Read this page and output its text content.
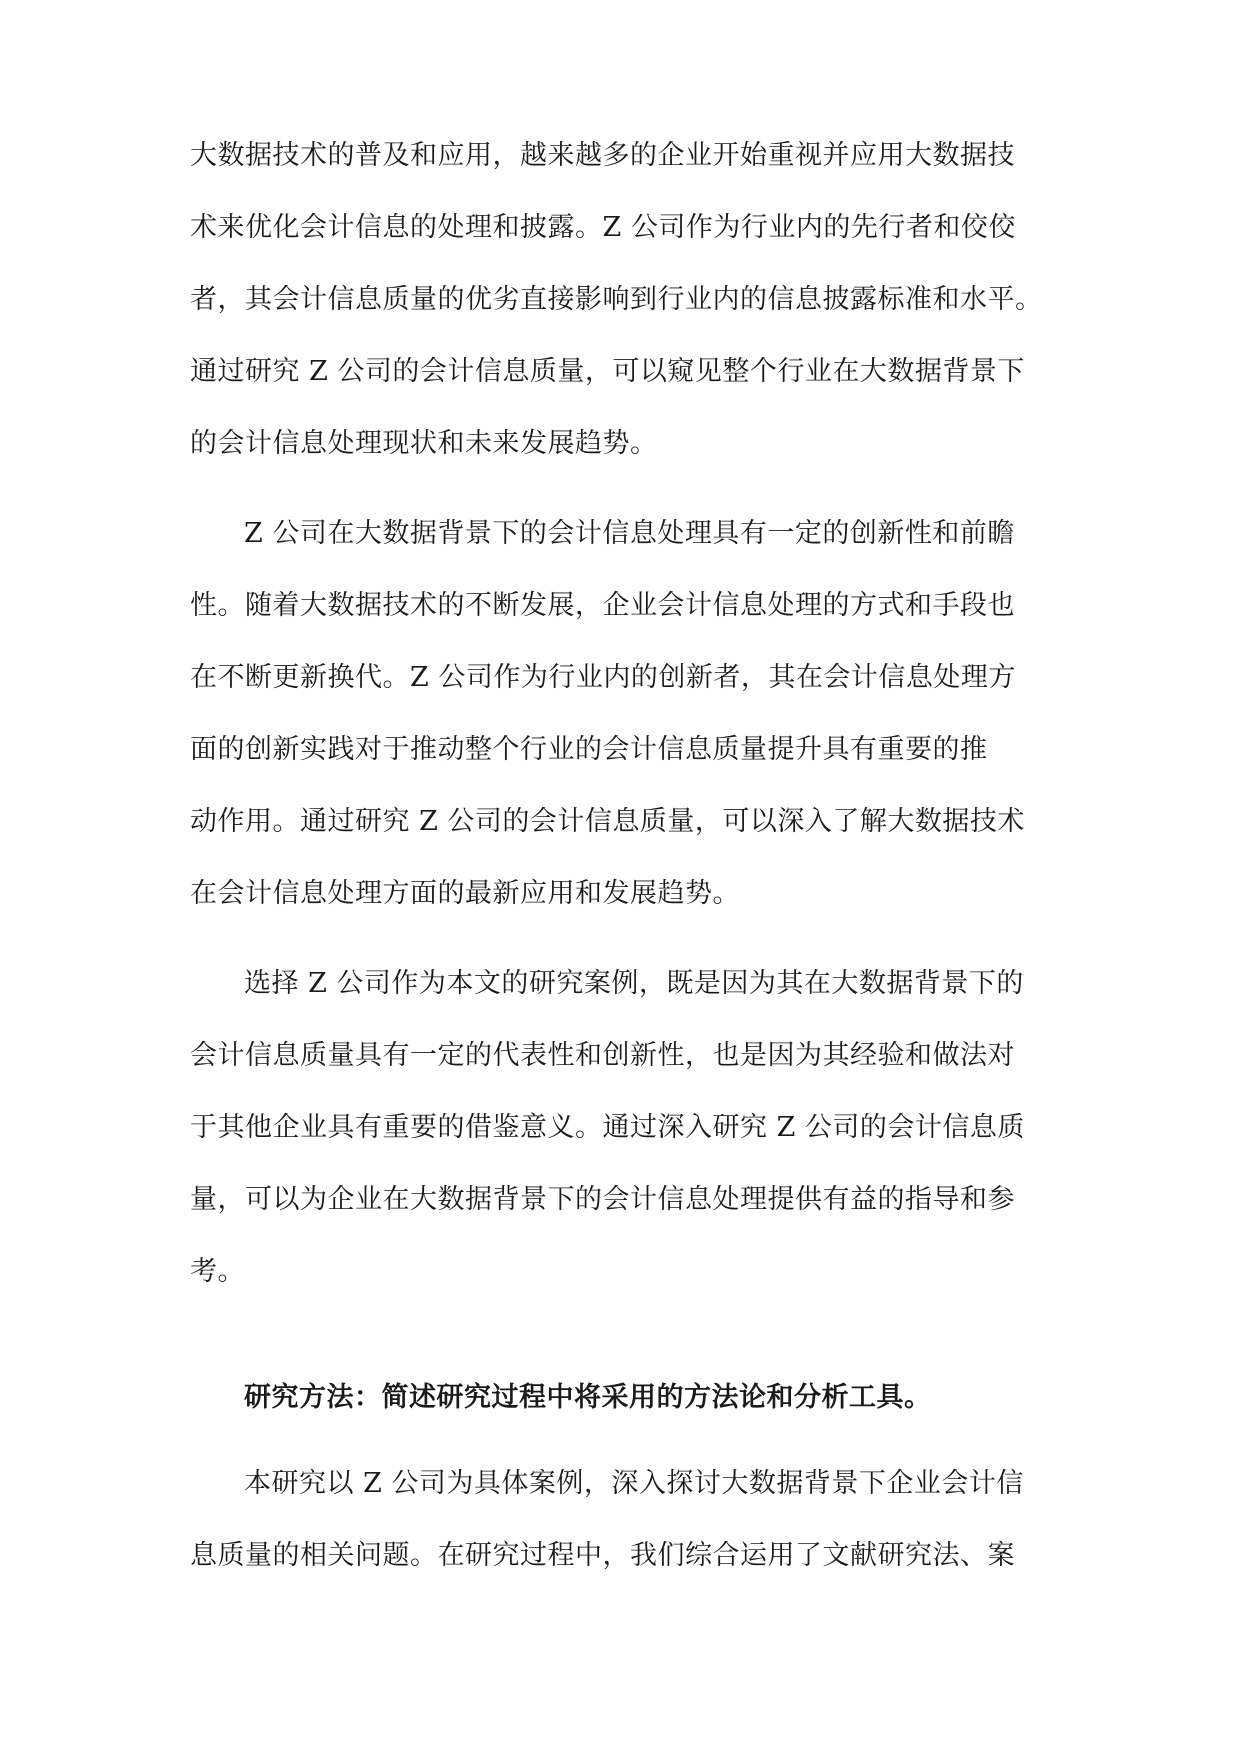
大数据技术的普及和应用，越来越多的企业开始重视并应用大数据技
术来优化会计信息的处理和披露。Z 公司作为行业内的先行者和佼佼
者，其会计信息质量的优劣直接影响到行业内的信息披露标准和水平。
通过研究 Z 公司的会计信息质量，可以窥见整个行业在大数据背景下
的会计信息处理现状和未来发展趋势。
Z 公司在大数据背景下的会计信息处理具有一定的创新性和前瞻
性。随着大数据技术的不断发展，企业会计信息处理的方式和手段也
在不断更新换代。Z 公司作为行业内的创新者，其在会计信息处理方
面的创新实践对于推动整个行业的会计信息质量提升具有重要的推
动作用。通过研究 Z 公司的会计信息质量，可以深入了解大数据技术
在会计信息处理方面的最新应用和发展趋势。
选择 Z 公司作为本文的研究案例，既是因为其在大数据背景下的
会计信息质量具有一定的代表性和创新性，也是因为其经验和做法对
于其他企业具有重要的借鉴意义。通过深入研究 Z 公司的会计信息质
量，可以为企业在大数据背景下的会计信息处理提供有益的指导和参
考。
研究方法：简述研究过程中将采用的方法论和分析工具。
本研究以 Z 公司为具体案例，深入探讨大数据背景下企业会计信
息质量的相关问题。在研究过程中，我们综合运用了文献研究法、案
